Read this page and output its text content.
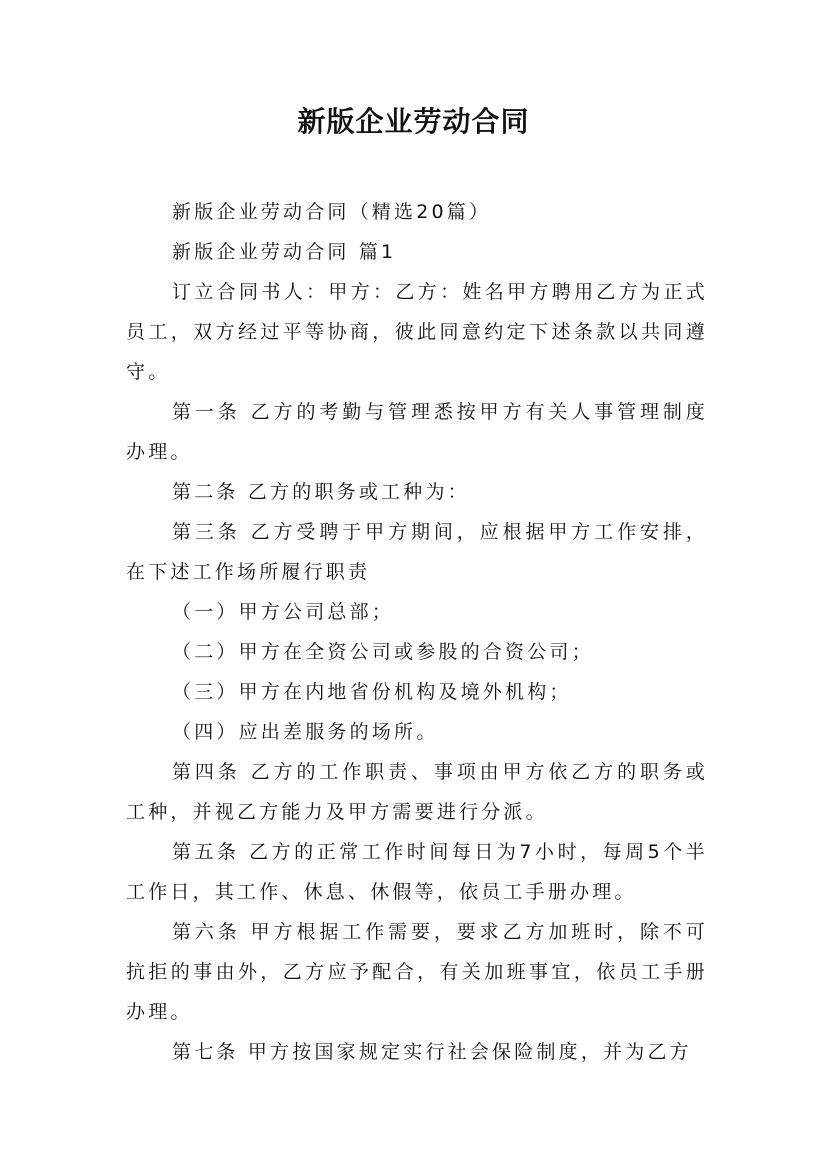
新版企业劳动合同

新版企业劳动合同（精选20篇）

新版企业劳动合同 篇1

订立合同书人：甲方：乙方：姓名甲方聘用乙方为正式员工，双方经过平等协商，彼此同意约定下述条款以共同遵守。

第一条 乙方的考勤与管理悉按甲方有关人事管理制度办理。

第二条 乙方的职务或工种为：

第三条 乙方受聘于甲方期间，应根据甲方工作安排，在下述工作场所履行职责

（一）甲方公司总部；

（二）甲方在全资公司或参股的合资公司；

（三）甲方在内地省份机构及境外机构；

（四）应出差服务的场所。

第四条 乙方的工作职责、事项由甲方依乙方的职务或工种，并视乙方能力及甲方需要进行分派。

第五条 乙方的正常工作时间每日为7小时，每周5个半工作日，其工作、休息、休假等，依员工手册办理。

第六条 甲方根据工作需要，要求乙方加班时，除不可抗拒的事由外，乙方应予配合，有关加班事宜，依员工手册办理。

第七条 甲方按国家规定实行社会保险制度，并为乙方
